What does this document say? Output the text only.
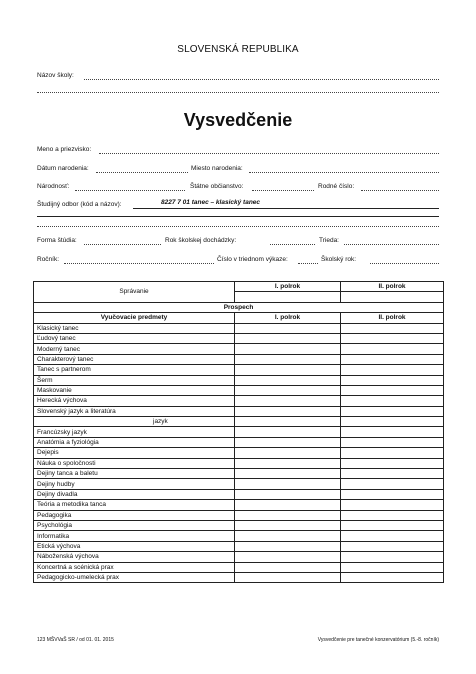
SLOVENSKÁ REPUBLIKA
Názov školy:
Vysvedčenie
Meno a priezvisko:
Dátum narodenia:	Miesto narodenia:
Národnosť:	Štátne občianstvo:	Rodné číslo:
Študijný odbor (kód a názov):	8227 7 01 tanec – klasický tanec
Forma štúdia:	Rok školskej dochádzky:	Trieda:
Ročník:	Číslo v triednom výkaze:	Školský rok:
Správanie	I. polrok	II. polrok

Prospech		
Vyučovacie predmety	I. polrok	II. polrok
Klasický tanec		
Ľudový tanec		
Moderný tanec		
Charakterový tanec		
Tanec s partnerom		
Šerm		
Maskovanie		
Herecká výchova		
Slovenský jazyk a literatúra		
jazyk		
Francúzsky jazyk		
Anatómia a fyziológia		
Dejepis		
Náuka o spoločnosti		
Dejiny tanca a baletu		
Dejiny hudby		
Dejiny divadla		
Teória a metodika tanca		
Pedagogika		
Psychológia		
Informatika		
Etická výchova		
Náboženská výchova		
Koncertná a scénická prax		
Pedagogicko-umelecká prax		
123 MŠVVaŠ SR / od 01. 01. 2015	Vysvedčenie pre tanečné konzervatórium (5.-8. ročník)
